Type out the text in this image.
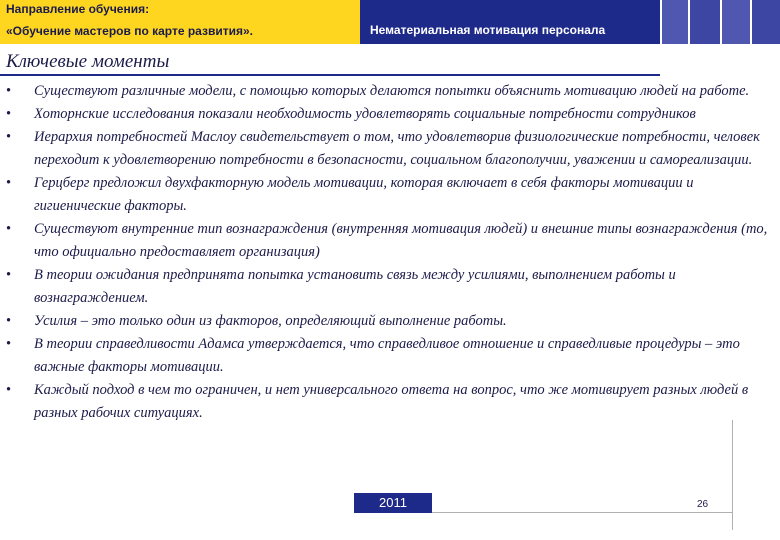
Направление обучения:
«Обучение мастеров по карте развития».	Нематериальная мотивация персонала
Ключевые моменты
• Существуют различные модели, с помощью которых делаются попытки объяснить мотивацию людей на работе.
• Хоторнские исследования показали необходимость удовлетворять социальные потребности сотрудников
• Иерархия потребностей Маслоу свидетельствует о том, что удовлетворив физиологические потребности, человек переходит к удовлетворению потребности в безопасности, социальном благополучии, уважении и самореализации.
• Герцберг предложил двухфакторную модель мотивации, которая включает в себя факторы мотивации и гигиенические факторы.
• Существуют внутренние тип вознаграждения (внутренняя мотивация людей) и внешние типы вознаграждения (то, что официально предоставляет организация)
• В теории ожидания предпринята попытка установить связь между усилиями, выполнением работы и вознаграждением.
• Усилия – это только один из факторов, определяющий выполнение работы.
• В теории справедливости Адамса утверждается, что справедливое отношение и справедливые процедуры – это важные факторы мотивации.
• Каждый подход в чем то ограничен, и нет универсального ответа на вопрос, что же мотивирует разных людей в разных рабочих ситуациях.
2011	26
